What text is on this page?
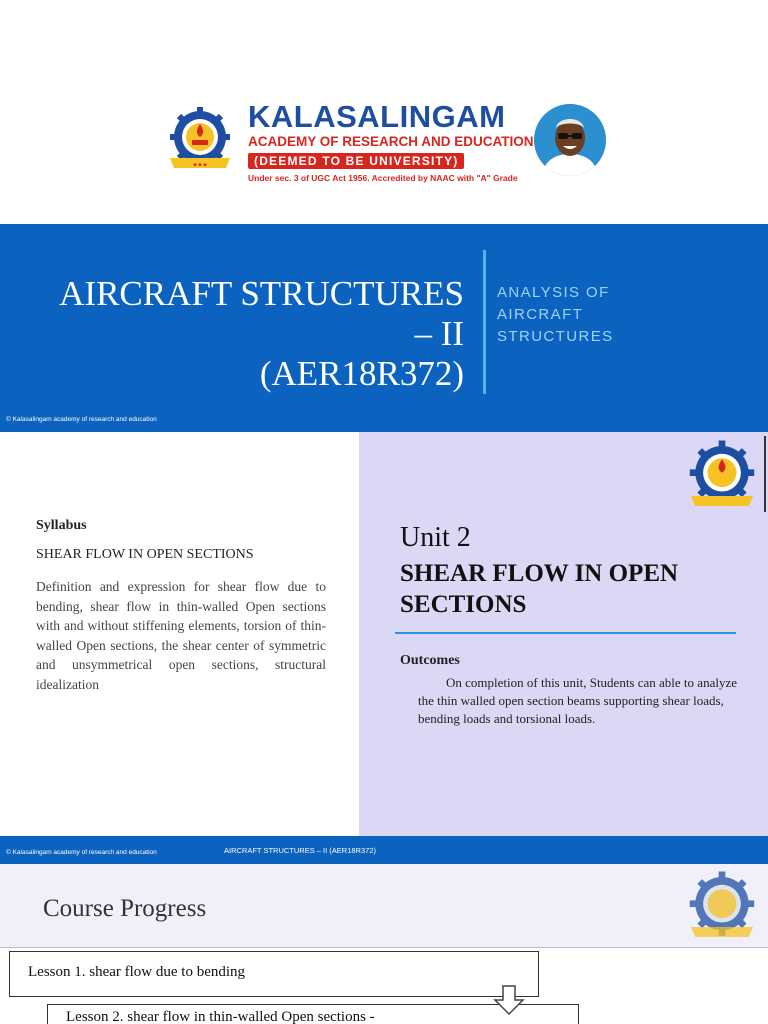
▪ ▪ ▪
KALASALINGAM
ACADEMY OF RESEARCH AND EDUCATION
(DEEMED TO BE UNIVERSITY)
Under sec. 3 of UGC Act 1956. Accredited by NAAC with "A" Grade
AIRCRAFT STRUCTURES
– II
(AER18R372)
ANALYSIS OF AIRCRAFT STRUCTURES
© Kalasalingam academy of research and education
Syllabus
SHEAR FLOW IN OPEN SECTIONS
Definition and expression for shear flow due to bending, shear flow in thin-walled Open sections with and without stiffening elements, torsion of thin-walled Open sections, the shear center of symmetric and unsymmetrical open sections, structural idealization
Unit 2
SHEAR FLOW IN OPEN SECTIONS
Outcomes
On completion of this unit, Students can able to analyze the thin walled open section beams supporting shear loads, bending loads and torsional loads.
© Kalasalingam academy of research and education	AIRCRAFT STRUCTURES – II (AER18R372)
Course Progress
Lesson 1. shear flow due to bending
Lesson 2. shear flow in thin-walled Open sections -
